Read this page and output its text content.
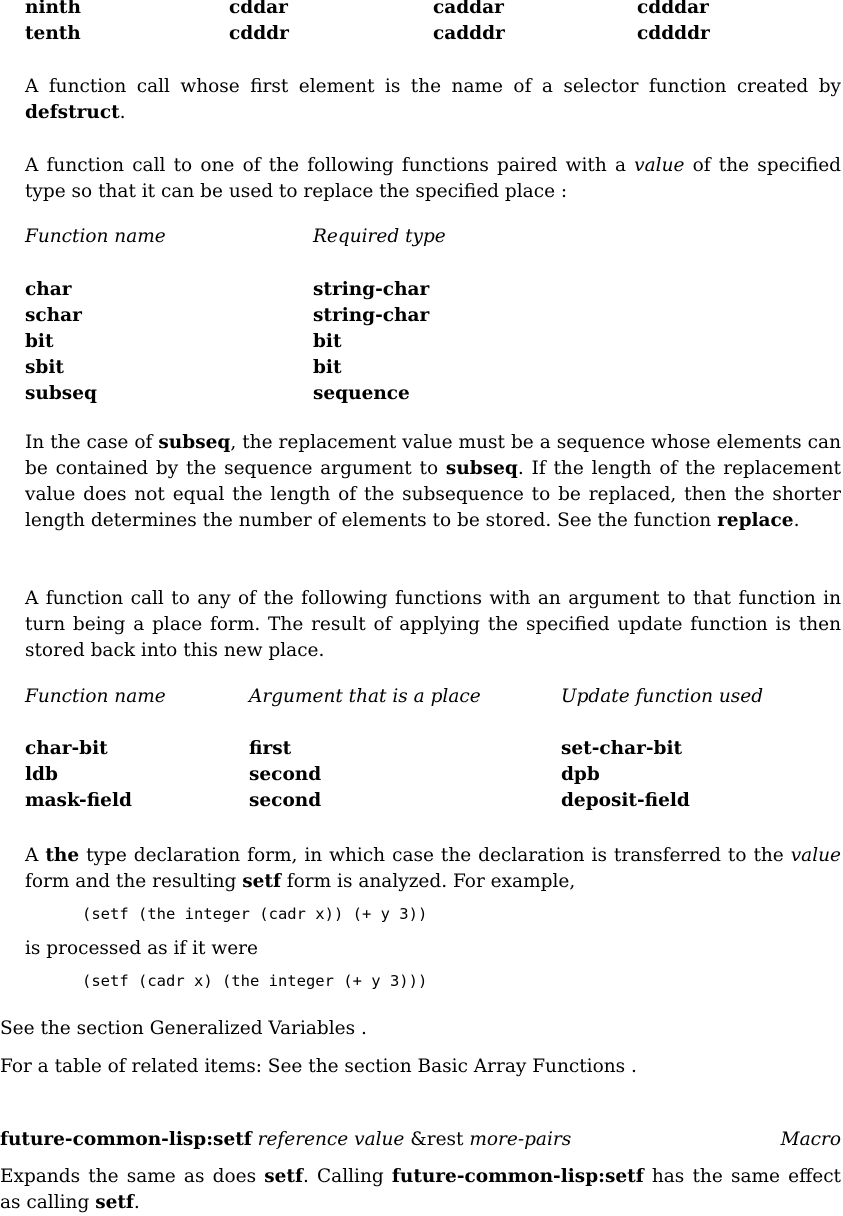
ninth	cddar	caddar	cdddar
tenth	cdddr	cadddr	cddddr
A function call whose first element is the name of a selector function created by defstruct.
A function call to one of the following functions paired with a value of the specified type so that it can be used to replace the specified place :
Function name	Required type
char	string-char
schar	string-char
bit	bit
sbit	bit
subseq	sequence
In the case of subseq, the replacement value must be a sequence whose elements can be contained by the sequence argument to subseq. If the length of the replacement value does not equal the length of the subsequence to be replaced, then the shorter length determines the number of elements to be stored. See the function replace.
A function call to any of the following functions with an argument to that function in turn being a place form. The result of applying the specified update function is then stored back into this new place.
Function name	Argument that is a place	Update function used
char-bit	first	set-char-bit
ldb	second	dpb
mask-field	second	deposit-field
A the type declaration form, in which case the declaration is transferred to the value form and the resulting setf form is analyzed. For example,
(setf (the integer (cadr x)) (+ y 3))
is processed as if it were
(setf (cadr x) (the integer (+ y 3)))
See the section Generalized Variables .
For a table of related items: See the section Basic Array Functions .
future-common-lisp:setf reference value &rest more-pairs	Macro
Expands the same as does setf. Calling future-common-lisp:setf has the same effect as calling setf.
